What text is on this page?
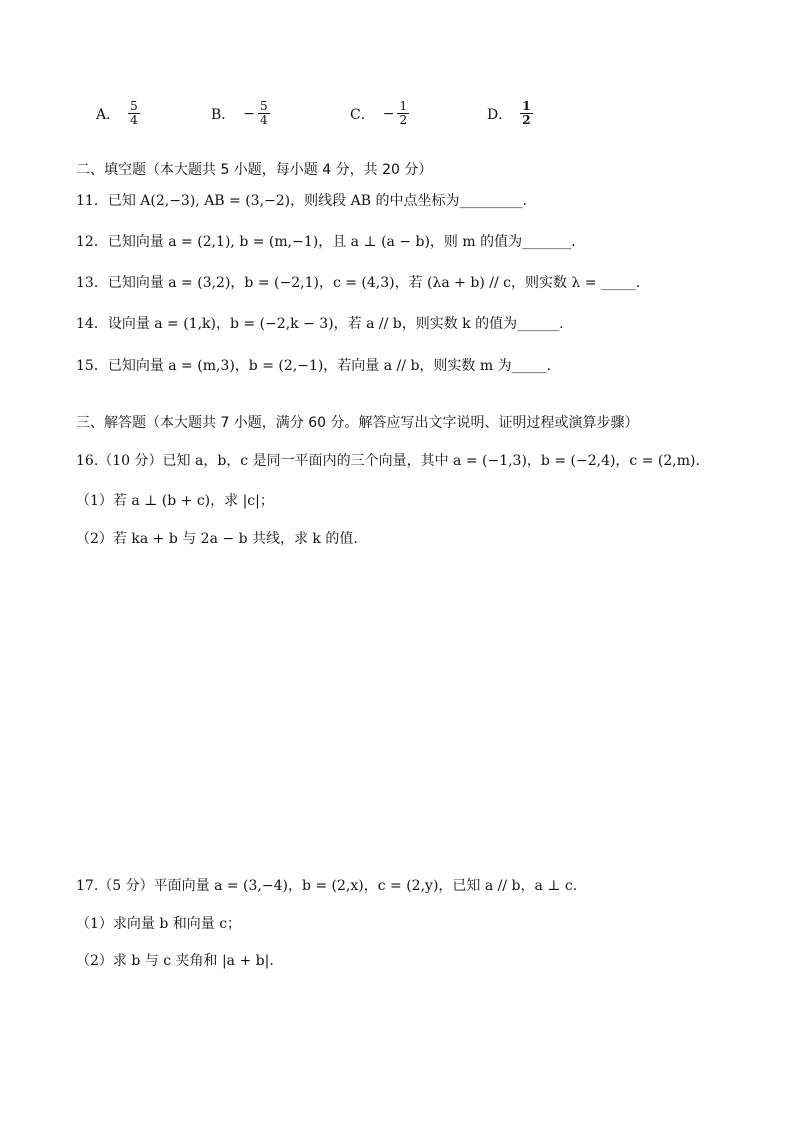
A． $\frac{5}{4}$	B． − $\frac{5}{4}$	C． − $\frac{1}{2}$	D． $\frac{1}{2}$
二、填空题（本大题共 5 小题，每小题 4 分，共 20 分）
11．已知 A(2,−3), AB = (3,−2)，则线段 AB 的中点坐标为_________.
12．已知向量 a = (2,1), b = (m,−1)，且 a ⊥ (a − b)，则 m 的值为_______.
13．已知向量 a = (3,2)，b = (−2,1)，c = (4,3)，若 (λa + b) // c，则实数 λ = _____.
14．设向量 a = (1,k)，b = (−2,k − 3)，若 a // b，则实数 k 的值为______.
15．已知向量 a = (m,3)，b = (2,−1)，若向量 a // b，则实数 m 为_____.
三、解答题（本大题共 7 小题，满分 60 分。解答应写出文字说明、证明过程或演算步骤）
16.（10 分）已知 a，b，c 是同一平面内的三个向量，其中 a = (−1,3)，b = (−2,4)，c = (2,m).
（1）若 a ⊥ (b + c)，求 |c|；
（2）若 ka + b 与 2a − b 共线，求 k 的值.
17.（5 分）平面向量 a = (3,−4)，b = (2,x)，c = (2,y)，已知 a // b，a ⊥ c.
（1）求向量 b 和向量 c；
（2）求 b 与 c 夹角和 |a + b|.
